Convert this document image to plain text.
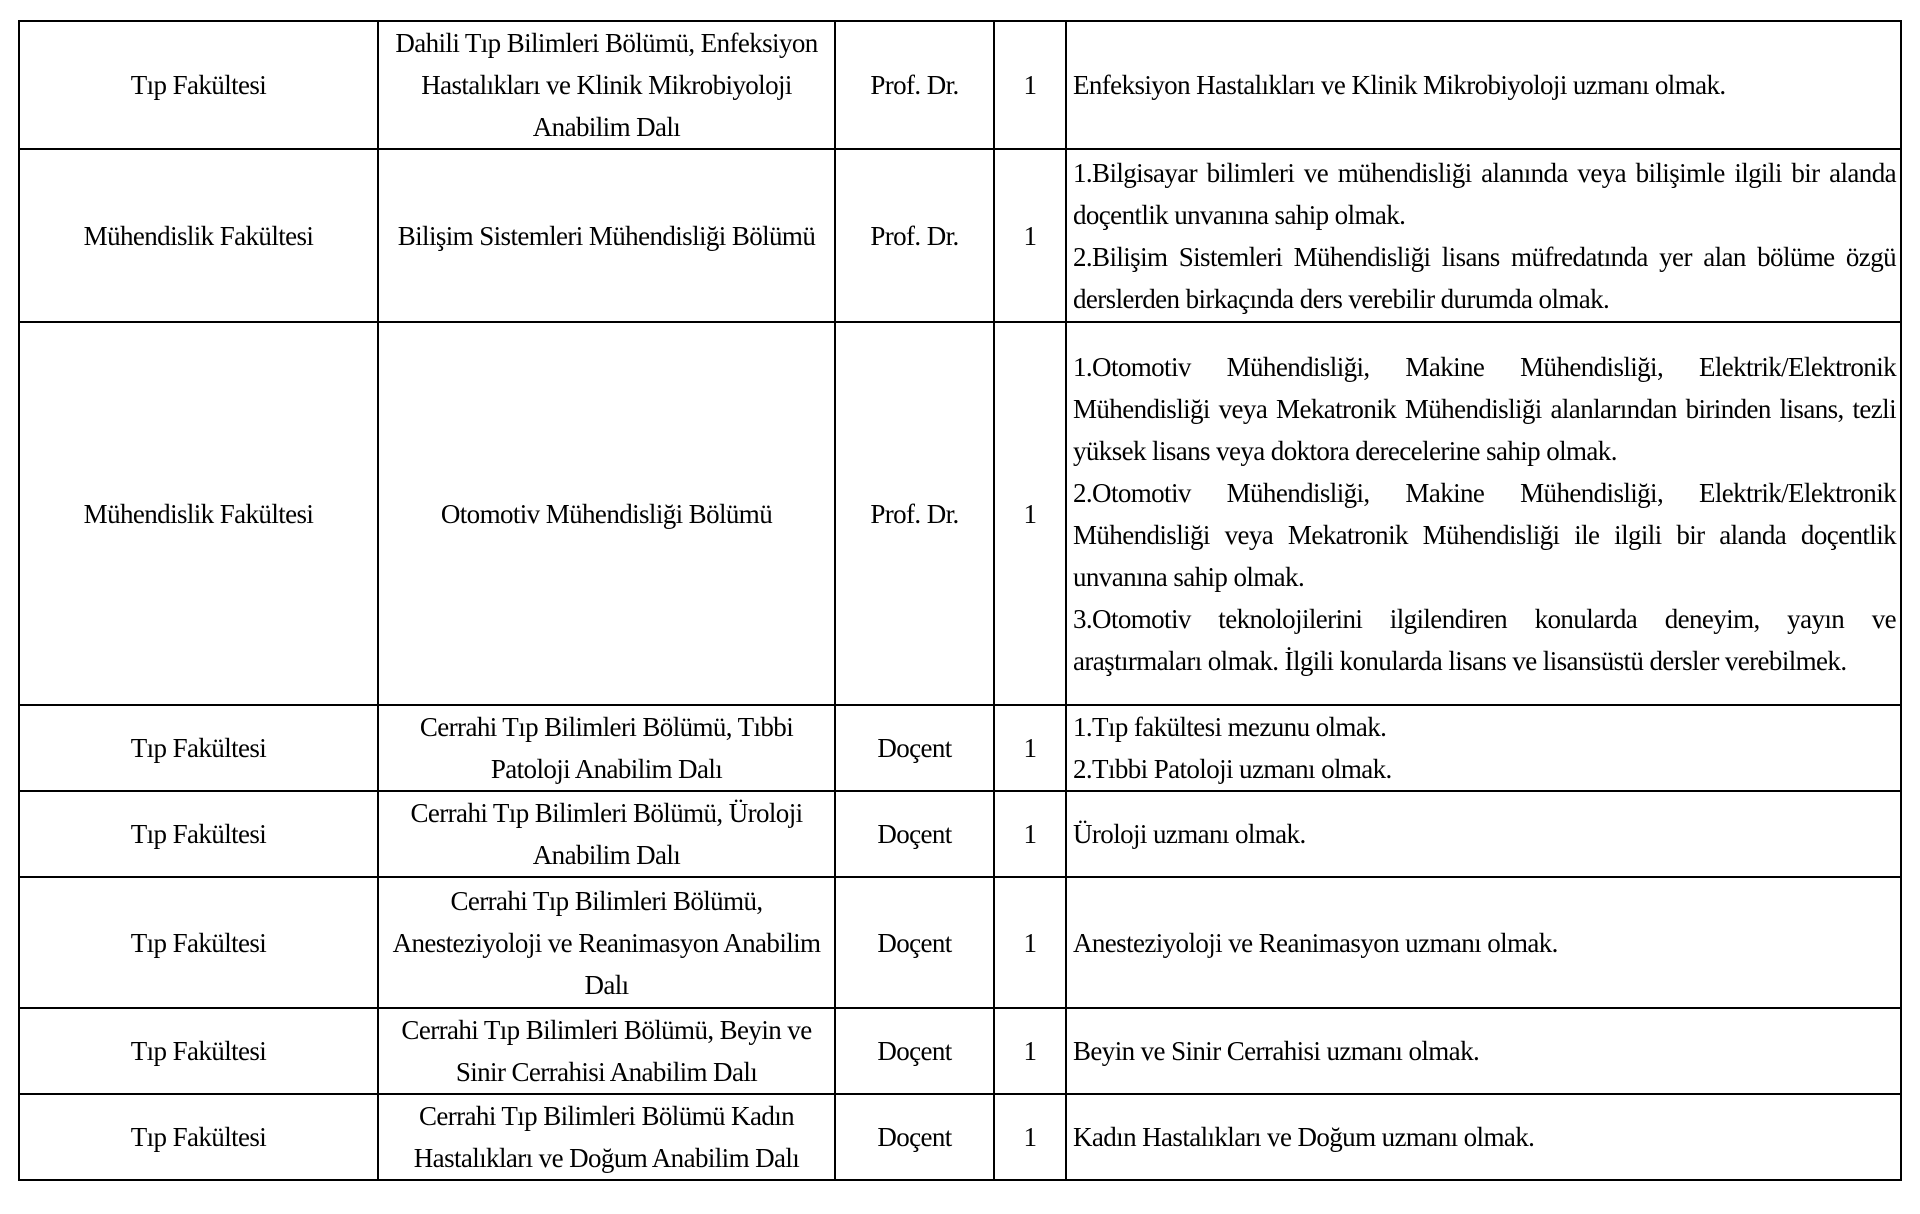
Tıp Fakültesi	Dahili Tıp Bilimleri Bölümü, Enfeksiyon Hastalıkları ve Klinik Mikrobiyoloji Anabilim Dalı	Prof. Dr.	1	Enfeksiyon Hastalıkları ve Klinik Mikrobiyoloji uzmanı olmak.

Mühendislik Fakültesi	Bilişim Sistemleri Mühendisliği Bölümü	Prof. Dr.	1	1.Bilgisayar bilimleri ve mühendisliği alanında veya bilişimle ilgili bir alanda doçentlik unvanına sahip olmak.
2.Bilişim Sistemleri Mühendisliği lisans müfredatında yer alan bölüme özgü derslerden birkaçında ders verebilir durumda olmak.

Mühendislik Fakültesi	Otomotiv Mühendisliği Bölümü	Prof. Dr.	1	1.Otomotiv Mühendisliği, Makine Mühendisliği, Elektrik/Elektronik Mühendisliği veya Mekatronik Mühendisliği alanlarından birinden lisans, tezli yüksek lisans veya doktora derecelerine sahip olmak.
2.Otomotiv Mühendisliği, Makine Mühendisliği, Elektrik/Elektronik Mühendisliği veya Mekatronik Mühendisliği ile ilgili bir alanda doçentlik unvanına sahip olmak.
3.Otomotiv teknolojilerini ilgilendiren konularda deneyim, yayın ve araştırmaları olmak. İlgili konularda lisans ve lisansüstü dersler verebilmek.

Tıp Fakültesi	Cerrahi Tıp Bilimleri Bölümü, Tıbbi Patoloji Anabilim Dalı	Doçent	1	1.Tıp fakültesi mezunu olmak.
2.Tıbbi Patoloji uzmanı olmak.

Tıp Fakültesi	Cerrahi Tıp Bilimleri Bölümü, Üroloji Anabilim Dalı	Doçent	1	Üroloji uzmanı olmak.

Tıp Fakültesi	Cerrahi Tıp Bilimleri Bölümü, Anesteziyoloji ve Reanimasyon Anabilim Dalı	Doçent	1	Anesteziyoloji ve Reanimasyon uzmanı olmak.

Tıp Fakültesi	Cerrahi Tıp Bilimleri Bölümü, Beyin ve Sinir Cerrahisi Anabilim Dalı	Doçent	1	Beyin ve Sinir Cerrahisi uzmanı olmak.

Tıp Fakültesi	Cerrahi Tıp Bilimleri Bölümü Kadın Hastalıkları ve Doğum Anabilim Dalı	Doçent	1	Kadın Hastalıkları ve Doğum uzmanı olmak.
